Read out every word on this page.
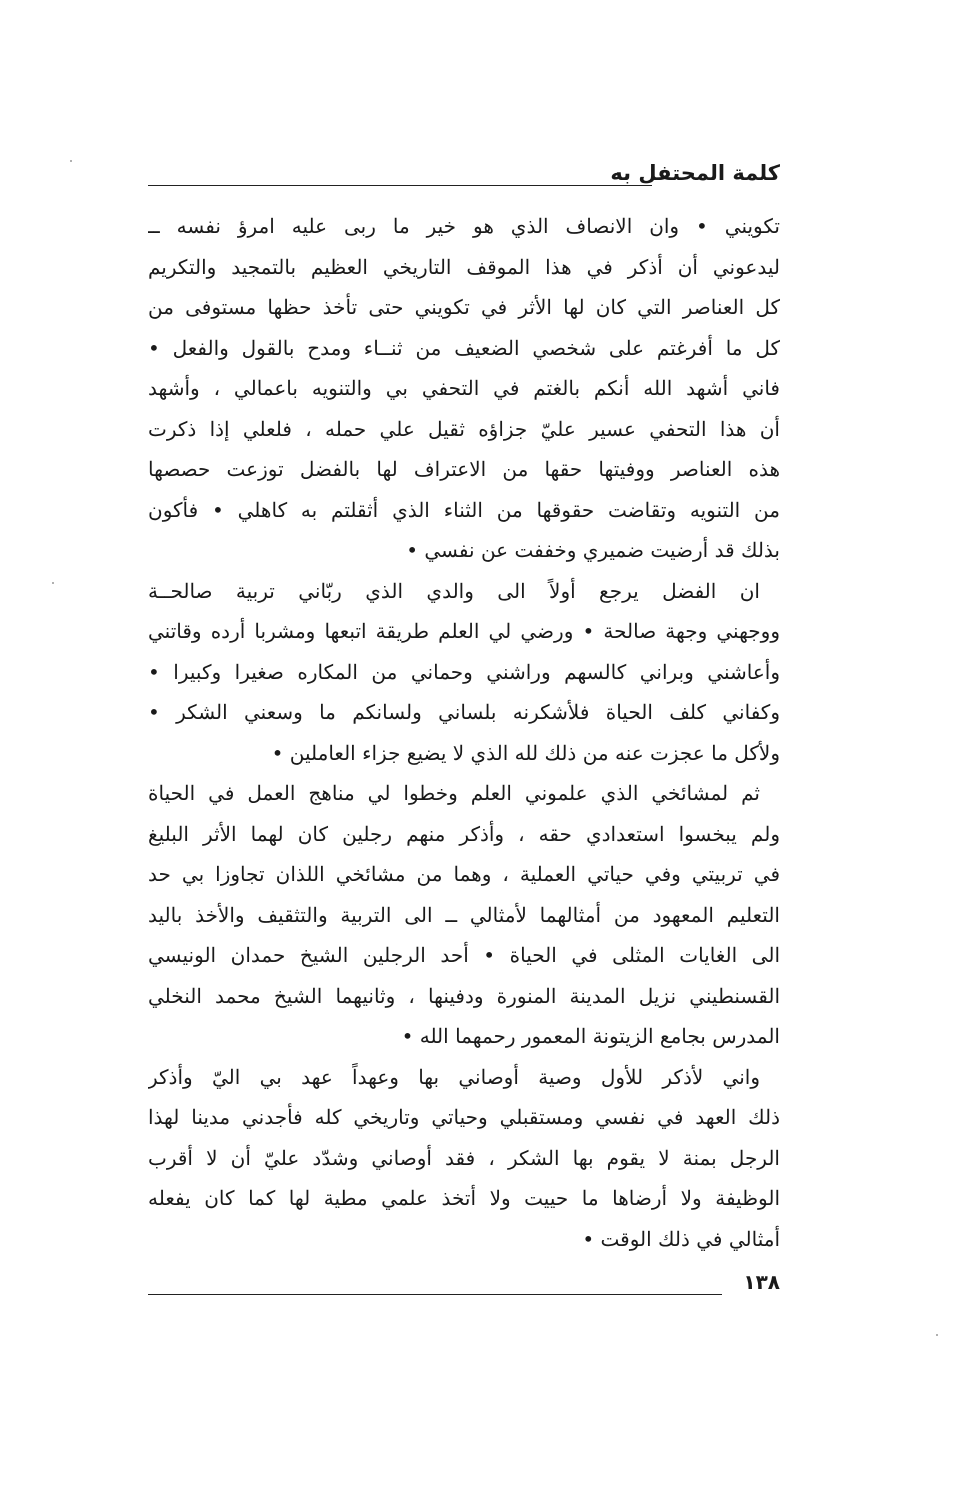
كلمة المحتفل به
تكويني • وان الانصاف الذي هو خير ما ربى عليه امرؤ نفسه ــ
ليدعوني أن أذكر في هذا الموقف التاريخي العظيم بالتمجيد والتكريم
كل العناصر التي كان لها الأثر في تكويني حتى تأخذ حظها مستوفى من
كل ما أفرغتم على شخصي الضعيف من ثنــاء ومدح بالقول والفعل •
فاني أشهد الله أنكم بالغتم في التحفي بي والتنويه باعمالي ، وأشهد
أن هذا التحفي عسير عليّ جزاؤه ثقيل علي حمله ، فلعلي إذا ذكرت
هذه العناصر ووفيتها حقها من الاعتراف لها بالفضل توزعت حصصها
من التنويه وتقاضت حقوقها من الثناء الذي أثقلتم به كاهلي • فأكون
بذلك قد أرضيت ضميري وخففت عن نفسي •
ان الفضل يرجع أولاً الى والدي الذي ربّاني تربية صالحــة
ووجهني وجهة صالحة • ورضي لي العلم طريقة اتبعها ومشربا أرده وقاتني
وأعاشني وبراني كالسهم وراشني وحماني من المكاره صغيرا وكبيرا •
وكفاني كلف الحياة فلأشكرنه بلساني ولسانكم ما وسعني الشكر •
ولأكل ما عجزت عنه من ذلك لله الذي لا يضيع جزاء العاملين •
ثم لمشائخي الذي علموني العلم وخطوا لي مناهج العمل في الحياة
ولم يبخسوا استعدادي حقه ، وأذكر منهم رجلين كان لهما الأثر البليغ
في تربيتي وفي حياتي العملية ، وهما من مشائخي اللذان تجاوزا بي حد
التعليم المعهود من أمثالهما لأمثالي ــ الى التربية والتثقيف والأخذ باليد
الى الغايات المثلى في الحياة • أحد الرجلين الشيخ حمدان الونيسي
القسنطيني نزيل المدينة المنورة ودفينها ، وثانيهما الشيخ محمد النخلي
المدرس بجامع الزيتونة المعمور رحمهما الله •
واني لأذكر للأول وصية أوصاني بها وعهداً عهد بي اليّ وأذكر
ذلك العهد في نفسي ومستقبلي وحياتي وتاريخي كله فأجدني مدينا لهذا
الرجل بمنة لا يقوم بها الشكر ، فقد أوصاني وشدّد عليّ أن لا أقرب
الوظيفة ولا أرضاها ما حييت ولا أتخذ علمي مطية لها كما كان يفعله
أمثالي في ذلك الوقت •
١٣٨
